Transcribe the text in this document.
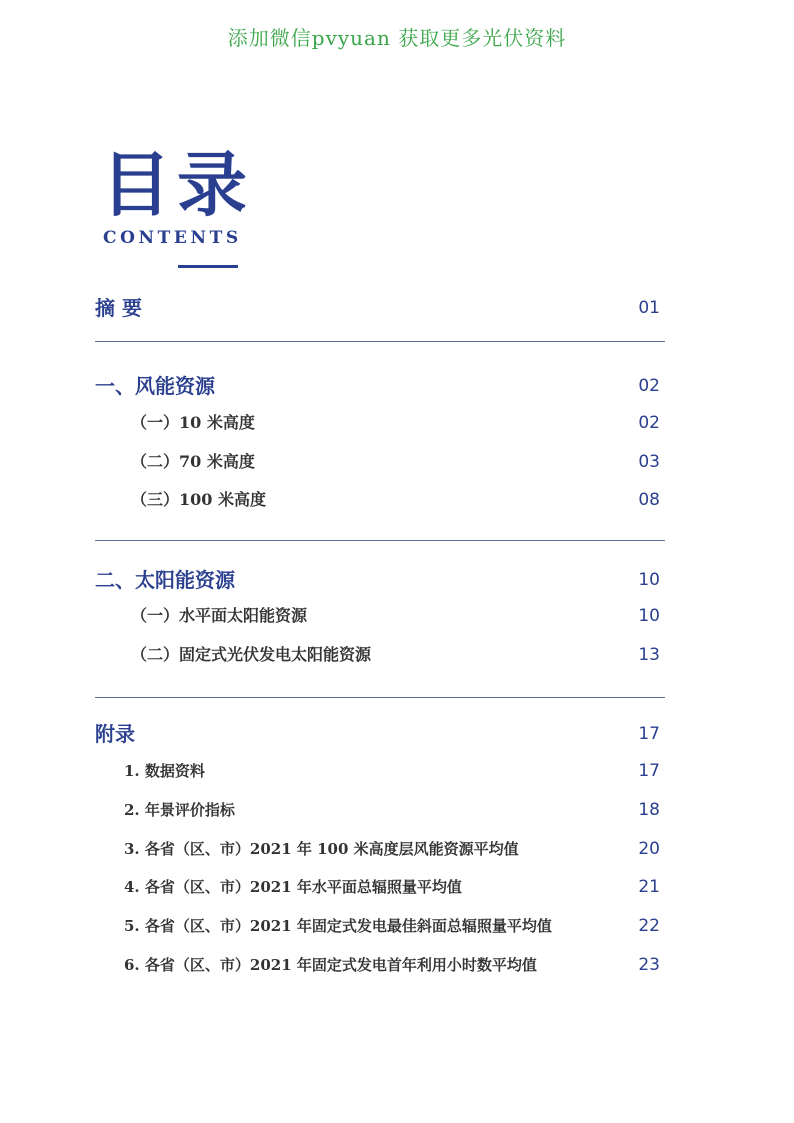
添加微信pvyuan 获取更多光伏资料
目录
CONTENTS
摘 要	01
一、风能资源	02
（一）10 米高度	02
（二）70 米高度	03
（三）100 米高度	08
二、太阳能资源	10
（一）水平面太阳能资源	10
（二）固定式光伏发电太阳能资源	13
附录	17
1. 数据资料	17
2. 年景评价指标	18
3. 各省（区、市）2021 年 100 米高度层风能资源平均值	20
4. 各省（区、市）2021 年水平面总辐照量平均值	21
5. 各省（区、市）2021 年固定式发电最佳斜面总辐照量平均值	22
6. 各省（区、市）2021 年固定式发电首年利用小时数平均值	23
